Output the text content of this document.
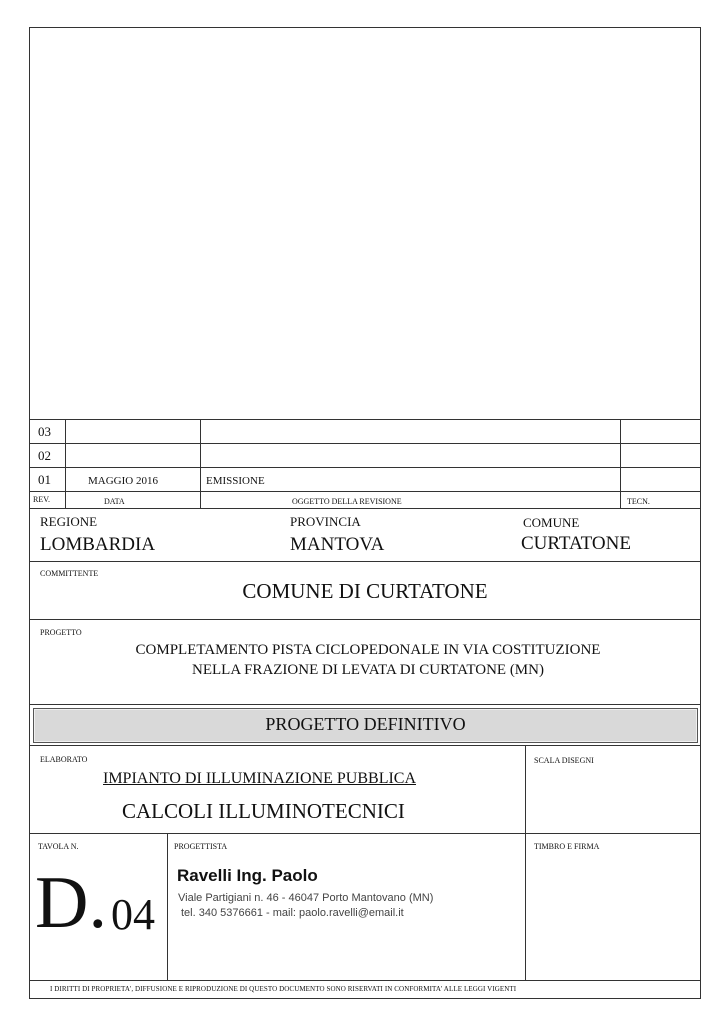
03
02
01	MAGGIO 2016	EMISSIONE
REV.	DATA	OGGETTO DELLA REVISIONE	TECN.
REGIONE
LOMBARDIA
PROVINCIA
MANTOVA
COMUNE
CURTATONE
COMMITTENTE
COMUNE DI CURTATONE
PROGETTO
COMPLETAMENTO PISTA CICLOPEDONALE IN VIA COSTITUZIONE
NELLA FRAZIONE DI LEVATA DI CURTATONE (MN)
PROGETTO DEFINITIVO
ELABORATO
IMPIANTO DI ILLUMINAZIONE PUBBLICA
CALCOLI ILLUMINOTECNICI
SCALA DISEGNI
TAVOLA N.
D. 04
PROGETTISTA
Ravelli Ing. Paolo
Viale Partigiani n. 46 - 46047 Porto Mantovano (MN)
tel. 340 5376661 - mail: paolo.ravelli@email.it
TIMBRO E FIRMA
I DIRITTI DI PROPRIETA', DIFFUSIONE E RIPRODUZIONE DI QUESTO DOCUMENTO SONO RISERVATI IN CONFORMITA' ALLE LEGGI VIGENTI
